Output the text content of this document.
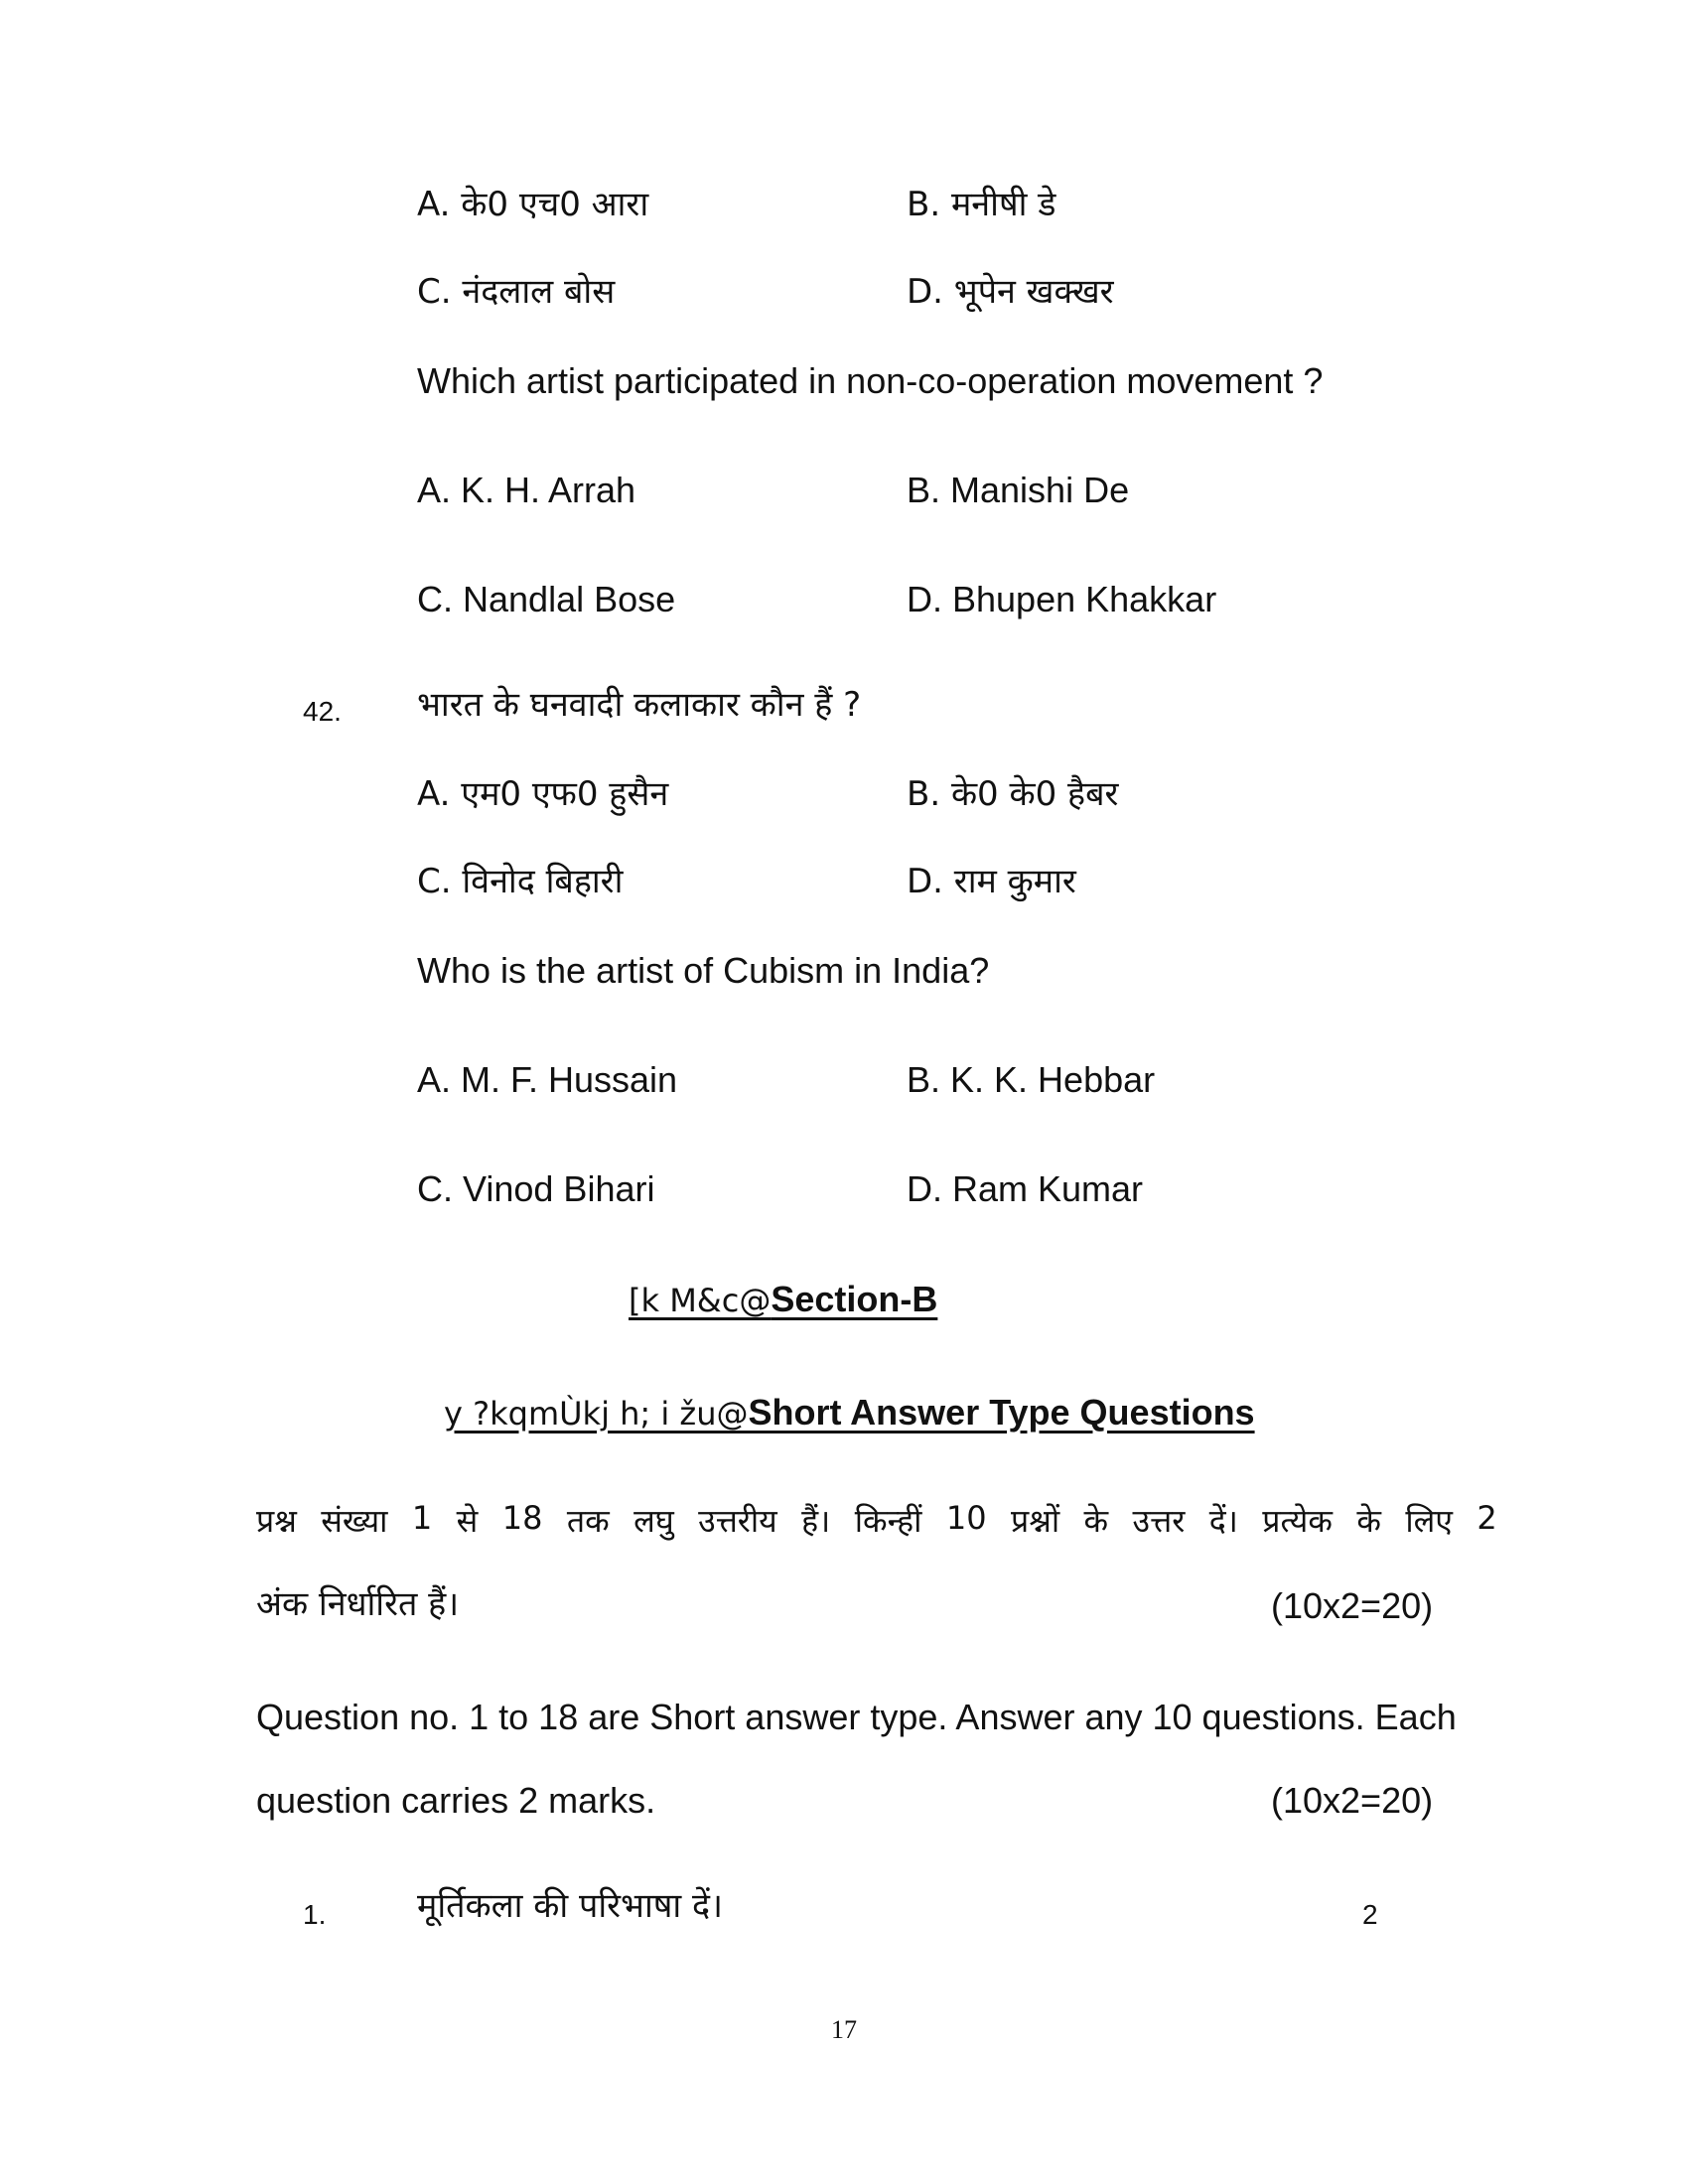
A. के0 एच0 आरा	B. मनीषी डे
C. नंदलाल बोस	D. भूपेन खक्खर
Which artist participated in non-co-operation movement ?
A. K. H. Arrah	B. Manishi De
C. Nandlal Bose	D. Bhupen Khakkar
42. भारत के घनवादी कलाकार कौन हैं ?
A. एम0 एफ0 हुसैन	B. के0 के0 हैबर
C. विनोद बिहारी	D. राम कुमार
Who is the artist of Cubism in India?
A. M. F. Hussain	B. K. K. Hebbar
C. Vinod Bihari	D. Ram Kumar
[k M&c@Section-B
y ?kqmÙkj h; i žu@Short Answer Type Questions
प्रश्न संख्या 1 से 18 तक लघु उत्तरीय हैं। किन्हीं 10 प्रश्नों के उत्तर दें। प्रत्येक के लिए 2
अंक निर्धारित हैं।	(10x2=20)
Question no. 1 to 18 are Short answer type. Answer any 10 questions. Each
question carries 2 marks.	(10x2=20)
1.	मूर्तिकला की परिभाषा दें।	2
17
